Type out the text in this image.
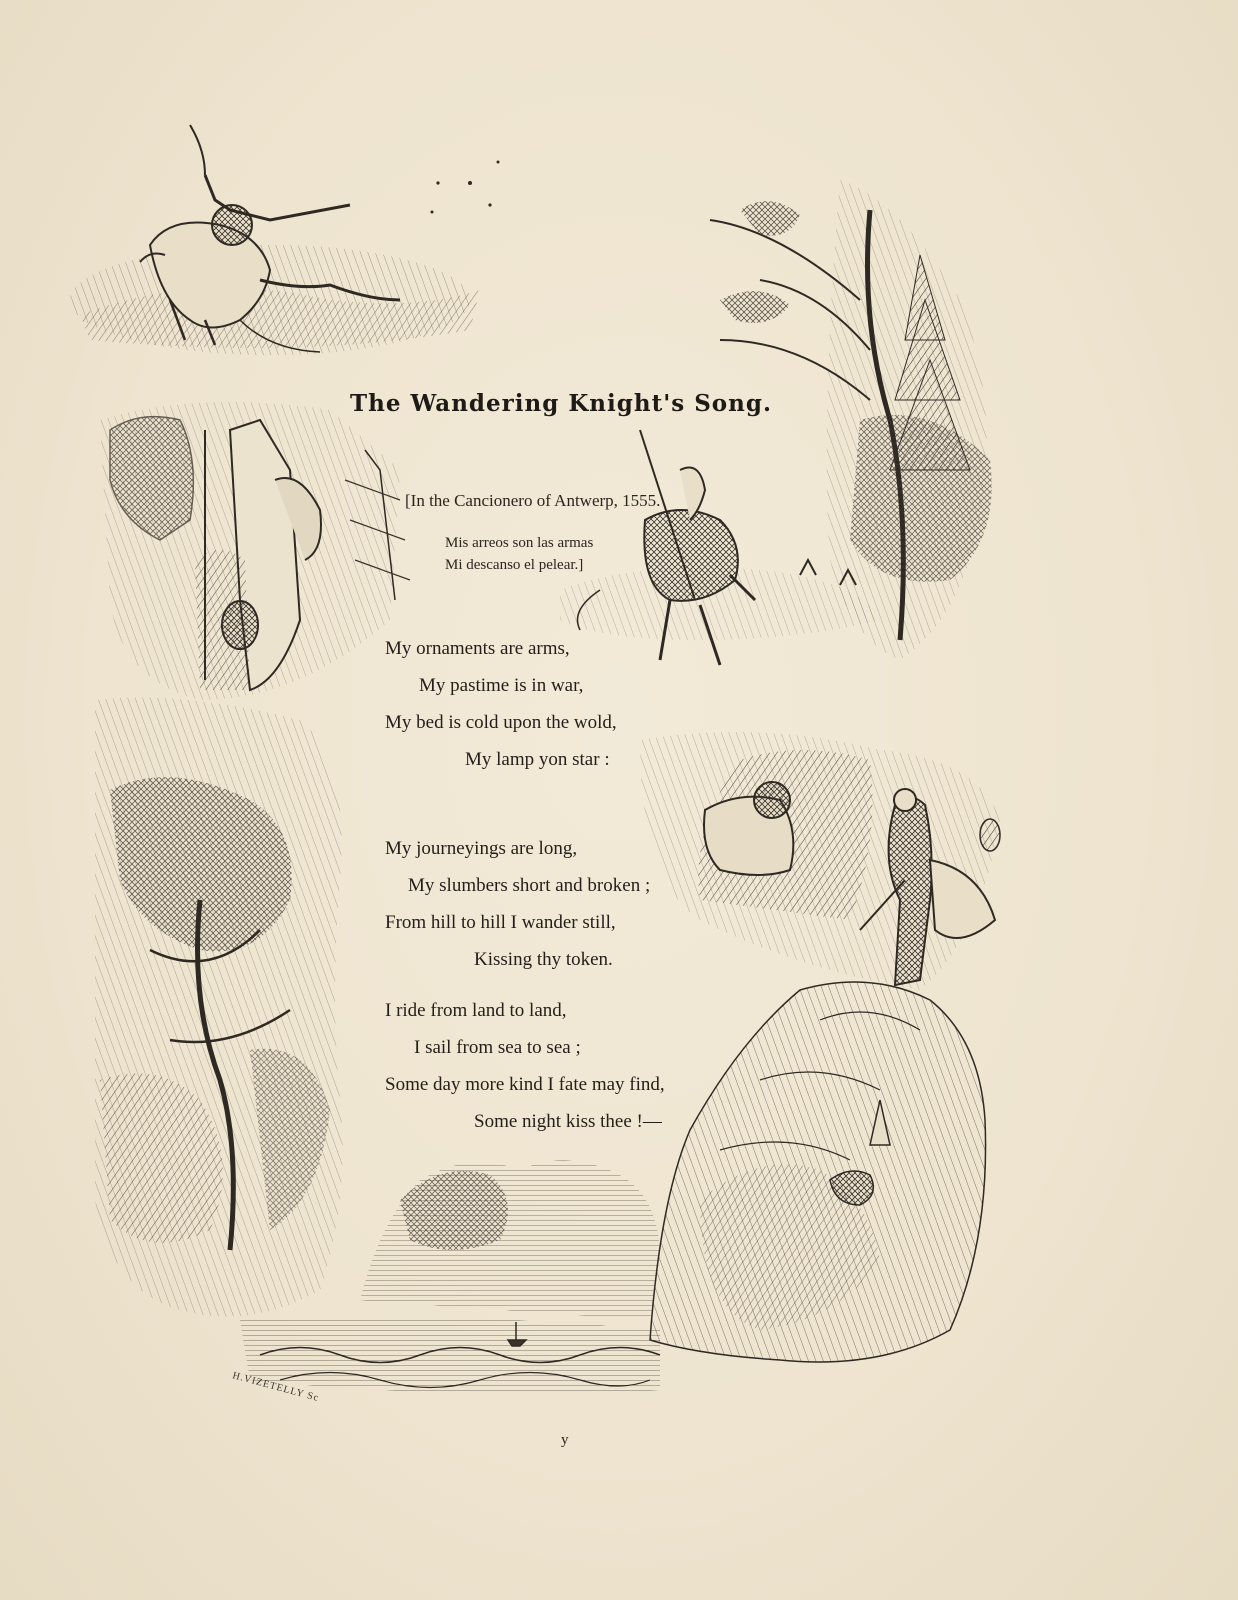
The Wandering Knight's Song.
[In the Cancionero of Antwerp, 1555.
Mis arreos son las armas
Mi descanso el pelear.]
My ornaments are arms,
My pastime is in war,
My bed is cold upon the wold,
My lamp yon star :
My journeyings are long,
My slumbers short and broken ;
From hill to hill I wander still,
Kissing thy token.
I ride from land to land,
I sail from sea to sea ;
Some day more kind I fate may find,
Some night kiss thee !—
H.VIZETELLY Sc
y
